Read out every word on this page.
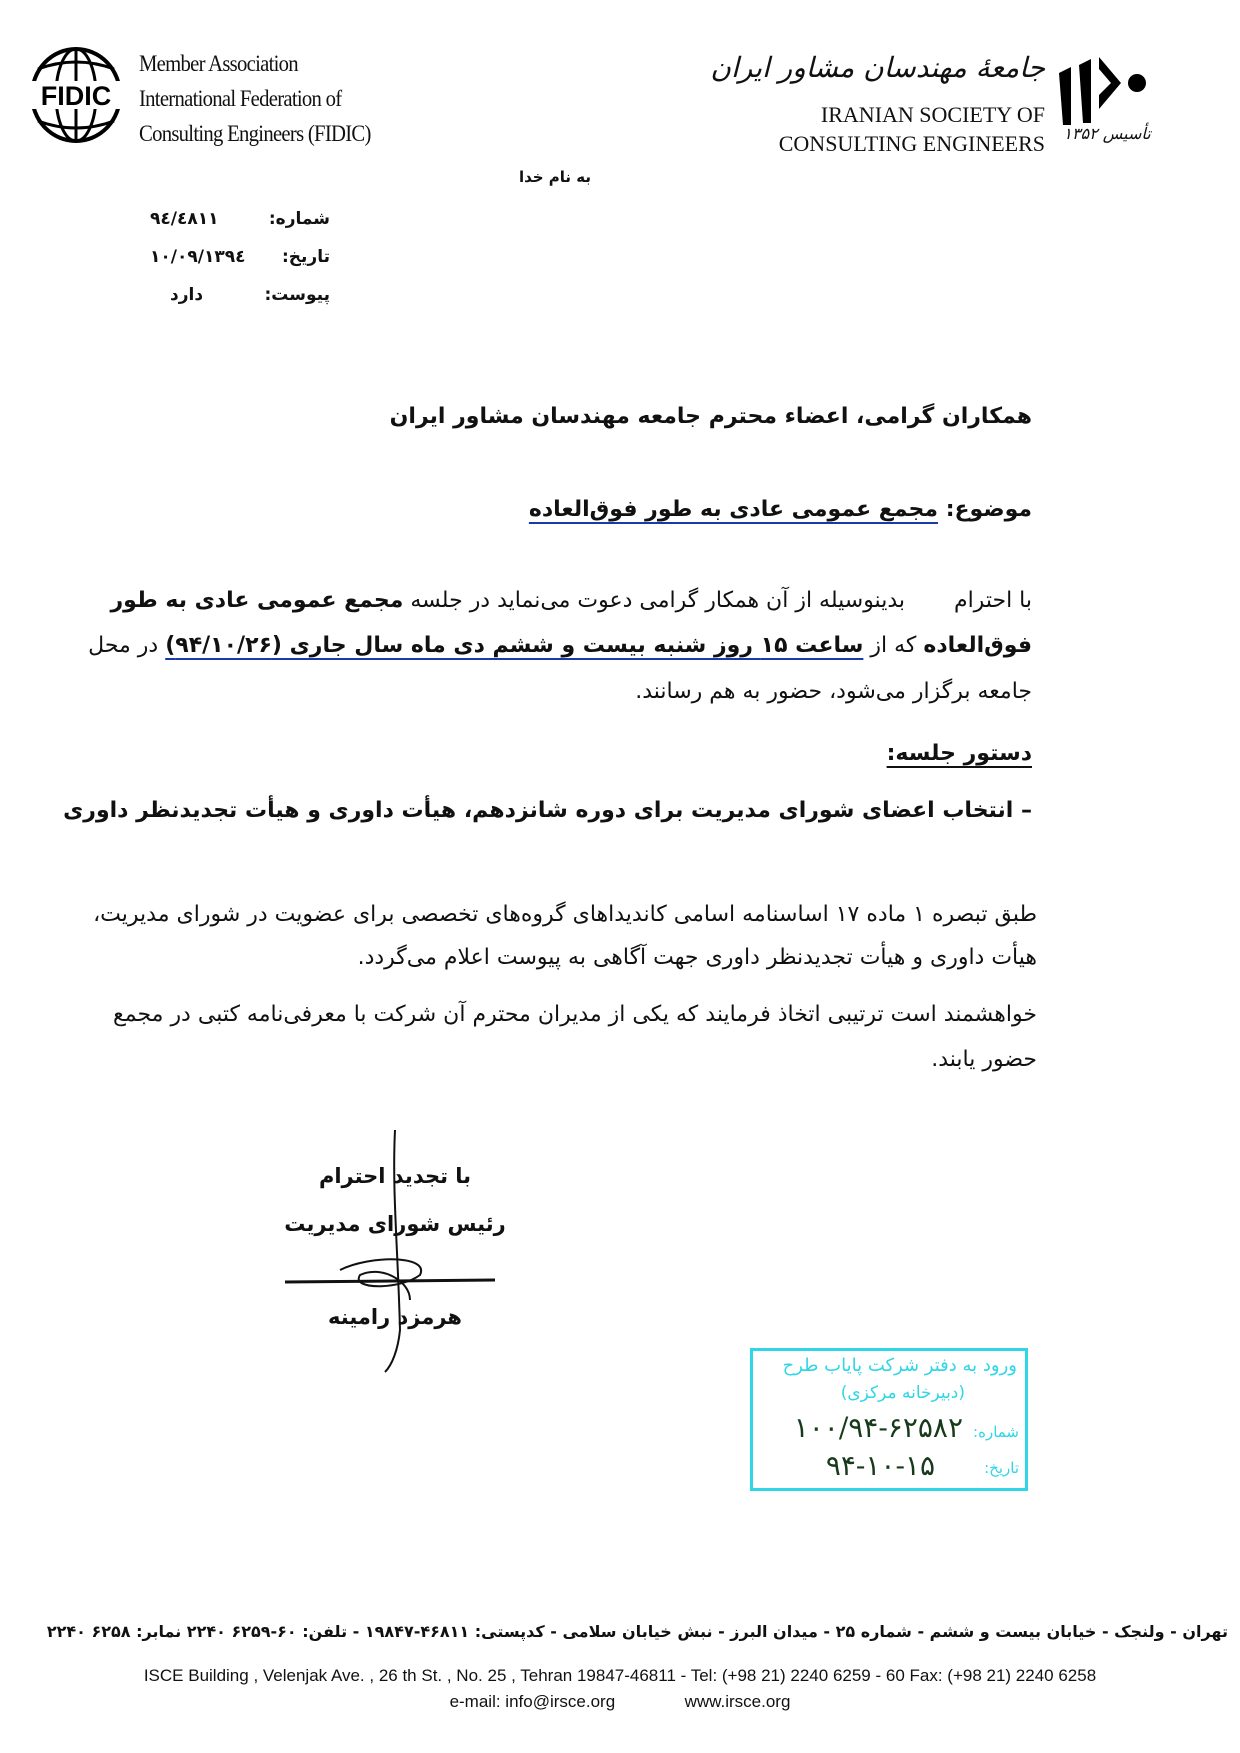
FIDIC
Member Association
International Federation of
Consulting Engineers (FIDIC)
جامعهٔ مهندسان مشاور ایران
IRANIAN SOCIETY OF
CONSULTING ENGINEERS	تأسیس ۱۳۵۲
به نام خدا
شماره:
۹٤/٤۸۱۱
تاریخ:
۱۳۹٤/۱۰/۰۹
پیوست:
دارد
همکاران گرامی، اعضاء محترم جامعه مهندسان مشاور ایران
موضوع: مجمع عمومی عادی به طور فوق‌العاده
با احترام       بدینوسیله از آن همکار گرامی دعوت می‌نماید در جلسه مجمع عمومی عادی به طور
فوق‌العاده که از ساعت ۱۵ روز شنبه بیست و ششم دی ماه سال جاری (۹۴/۱۰/۲۶) در محل
جامعه برگزار می‌شود، حضور به هم رسانند.
دستور جلسه:
– انتخاب اعضای شورای مدیریت برای دوره شانزدهم، هیأت داوری و هیأت تجدیدنظر داوری
طبق تبصره ۱ ماده ۱۷ اساسنامه اسامی کاندیداهای گروه‌های تخصصی برای عضویت در شورای مدیریت،
هیأت داوری و هیأت تجدیدنظر داوری جهت آگاهی به پیوست اعلام می‌گردد.
خواهشمند است ترتیبی اتخاذ فرمایند که یکی از مدیران محترم آن شرکت با معرفی‌نامه کتبی در مجمع
حضور یابند.
با تجدید احترام
رئیس شورای مدیریت
هرمزد رامینه
ورود به دفتر شرکت پایاب طرح
(دبیرخانه مرکزی)
شماره:
۱۰۰/۹۴-۶۲۵۸۲
تاریخ:
۹۴-۱۰-۱۵
تهران - ولنجک - خیابان بیست و ششم - شماره ۲۵ - میدان البرز - نبش خیابان سلامی - کدپستی: ۴۶۸۱۱-۱۹۸۴۷ - تلفن: ۶۰-۶۲۵۹ ۲۲۴۰ نمابر: ۶۲۵۸ ۲۲۴۰
ISCE Building , Velenjak Ave. , 26 th St. , No. 25 , Tehran 19847-46811 - Tel: (+98 21) 2240 6259 - 60 Fax: (+98 21) 2240 6258
e-mail: info@irsce.org	www.irsce.org
